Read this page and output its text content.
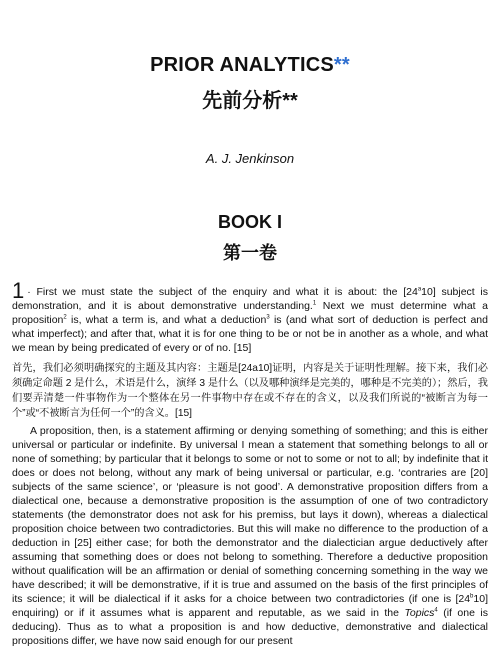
PRIOR ANALYTICS**
先前分析**
A. J. Jenkinson
BOOK I
第一卷
1 · First we must state the subject of the enquiry and what it is about: the [24$^a$10] subject is demonstration, and it is about demonstrative understanding.$^1$ Next we must determine what a proposition$^2$ is, what a term is, and what a deduction$^3$ is (and what sort of deduction is perfect and what imperfect); and after that, what it is for one thing to be or not be in another as a whole, and what we mean by being predicated of every or of no. [15]
首先，我们必须明确探究的主题及其内容：主题是[24a10]证明，内容是关于证明性理解。接下来，我们必须确定命题 2 是什么，术语是什么，演绎 3 是什么（以及哪种演绎是完美的，哪种是不完美的）；然后，我们要弄清楚一件事物作为一个整体在另一件事物中存在或不存在的含义，以及我们所说的“被断言为每一个”或“不被断言为任何一个”的含义。[15]
A proposition, then, is a statement affirming or denying something of something; and this is either universal or particular or indefinite. By universal I mean a statement that something belongs to all or none of something; by particular that it belongs to some or not to some or not to all; by indefinite that it does or does not belong, without any mark of being universal or particular, e.g. ‘contraries are [20] subjects of the same science’, or ‘pleasure is not good’. A demonstrative proposition differs from a dialectical one, because a demonstrative proposition is the assumption of one of two contradictory statements (the demonstrator does not ask for his premiss, but lays it down), whereas a dialectical proposition choice between two contradictories. But this will make no difference to the production of a deduction in [25] either case; for both the demonstrator and the dialectician argue deductively after assuming that something does or does not belong to something. Therefore a deductive proposition without qualification will be an affirmation or denial of something concerning something in the way we have described; it will be demonstrative, if it is true and assumed on the basis of the first principles of its science; it will be dialectical if it asks for a choice between two contradictories (if one is [24$^b$10] enquiring) or if it assumes what is apparent and reputable, as we said in the Topics$^4$ (if one is deducing). Thus as to what a proposition is and how deductive, demonstrative and dialectical propositions differ, we have now said enough for our present
